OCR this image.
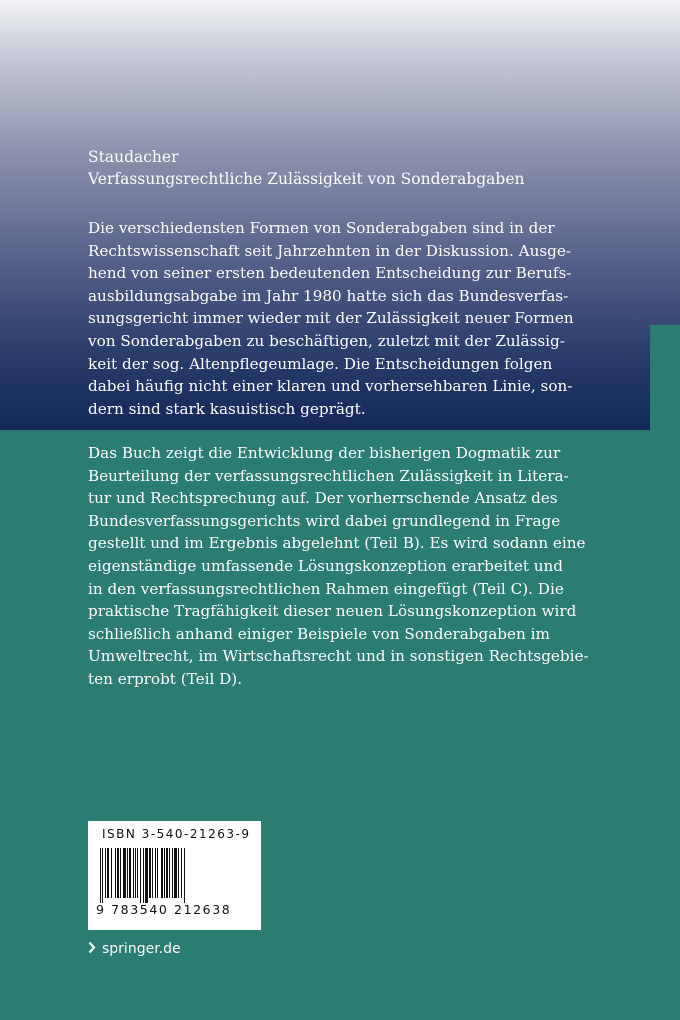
Staudacher

Verfassungsrechtliche Zulässigkeit von Sonderabgaben

Die verschiedensten Formen von Sonderabgaben sind in der
Rechtswissenschaft seit Jahrzehnten in der Diskussion. Ausge-
hend von seiner ersten bedeutenden Entscheidung zur Berufs-
ausbildungsabgabe im Jahr 1980 hatte sich das Bundesverfas-
sungsgericht immer wieder mit der Zulässigkeit neuer Formen
von Sonderabgaben zu beschäftigen, zuletzt mit der Zulässig-
keit der sog. Altenpflegeumlage. Die Entscheidungen folgen
dabei häufig nicht einer klaren und vorhersehbaren Linie, son-
dern sind stark kasuistisch geprägt.

Das Buch zeigt die Entwicklung der bisherigen Dogmatik zur
Beurteilung der verfassungsrechtlichen Zulässigkeit in Litera-
tur und Rechtsprechung auf. Der vorherrschende Ansatz des
Bundesverfassungsgerichts wird dabei grundlegend in Frage
gestellt und im Ergebnis abgelehnt (Teil B). Es wird sodann eine
eigenständige umfassende Lösungskonzeption erarbeitet und
in den verfassungsrechtlichen Rahmen eingefügt (Teil C). Die
praktische Tragfähigkeit dieser neuen Lösungskonzeption wird
schließlich anhand einiger Beispiele von Sonderabgaben im
Umweltrecht, im Wirtschaftsrecht und in sonstigen Rechtsgebie-
ten erprobt (Teil D).

ISBN 3-540-21263-9

9 783540 212638

springer.de
